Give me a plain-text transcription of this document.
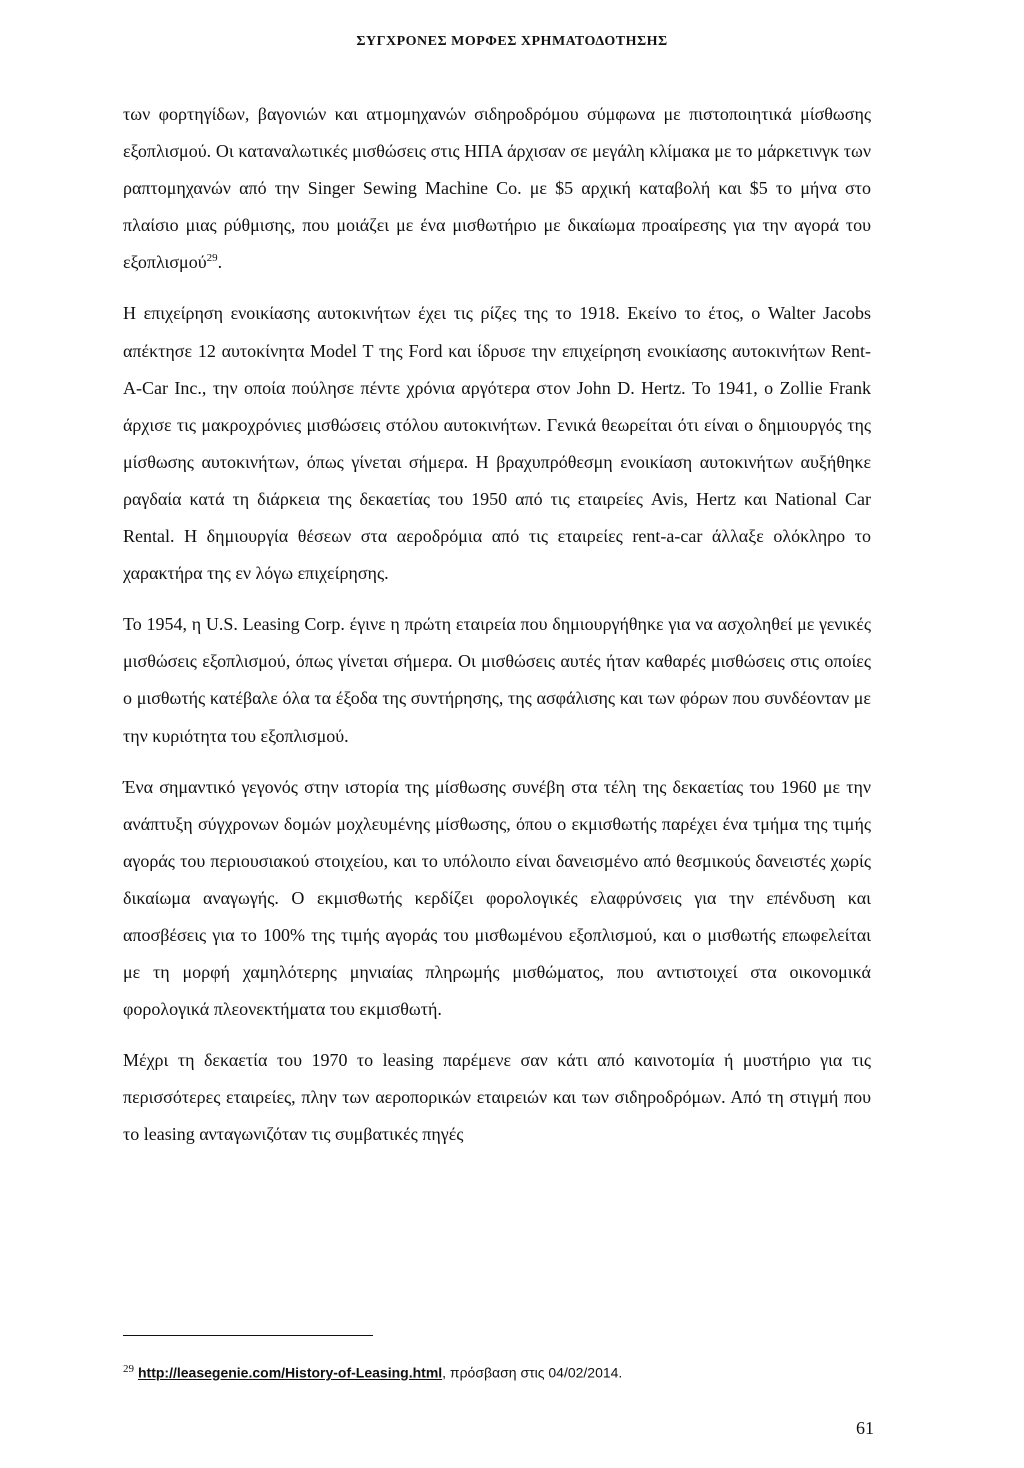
ΣΥΓΧΡΟΝΕΣ ΜΟΡΦΕΣ ΧΡΗΜΑΤΟΔΟΤΗΣΗΣ

των φορτηγίδων, βαγονιών και ατμομηχανών σιδηροδρόμου σύμφωνα με πιστοποιητικά μίσθωσης εξοπλισμού. Οι καταναλωτικές μισθώσεις στις ΗΠΑ άρχισαν σε μεγάλη κλίμακα με το μάρκετινγκ των ραπτομηχανών από την Singer Sewing Machine Co. με $5 αρχική καταβολή και $5 το μήνα στο πλαίσιο μιας ρύθμισης, που μοιάζει με ένα μισθωτήριο με δικαίωμα προαίρεσης για την αγορά του εξοπλισμού$^{29}$.

Η επιχείρηση ενοικίασης αυτοκινήτων έχει τις ρίζες της το 1918. Εκείνο το έτος, ο Walter Jacobs απέκτησε 12 αυτοκίνητα Model T της Ford και ίδρυσε την επιχείρηση ενοικίασης αυτοκινήτων Rent-A-Car Inc., την οποία πούλησε πέντε χρόνια αργότερα στον John D. Hertz. Το 1941, ο Zollie Frank άρχισε τις μακροχρόνιες μισθώσεις στόλου αυτοκινήτων. Γενικά θεωρείται ότι είναι ο δημιουργός της μίσθωσης αυτοκινήτων, όπως γίνεται σήμερα. Η βραχυπρόθεσμη ενοικίαση αυτοκινήτων αυξήθηκε ραγδαία κατά τη διάρκεια της δεκαετίας του 1950 από τις εταιρείες Avis, Hertz και National Car Rental. Η δημιουργία θέσεων στα αεροδρόμια από τις εταιρείες rent-a-car άλλαξε ολόκληρο το χαρακτήρα της εν λόγω επιχείρησης.

Το 1954, η U.S. Leasing Corp. έγινε η πρώτη εταιρεία που δημιουργήθηκε για να ασχοληθεί με γενικές μισθώσεις εξοπλισμού, όπως γίνεται σήμερα. Οι μισθώσεις αυτές ήταν καθαρές μισθώσεις στις οποίες ο μισθωτής κατέβαλε όλα τα έξοδα της συντήρησης, της ασφάλισης και των φόρων που συνδέονταν με την κυριότητα του εξοπλισμού.

Ένα σημαντικό γεγονός στην ιστορία της μίσθωσης συνέβη στα τέλη της δεκαετίας του 1960 με την ανάπτυξη σύγχρονων δομών μοχλευμένης μίσθωσης, όπου ο εκμισθωτής παρέχει ένα τμήμα της τιμής αγοράς του περιουσιακού στοιχείου, και το υπόλοιπο είναι δανεισμένο από θεσμικούς δανειστές χωρίς δικαίωμα αναγωγής. Ο εκμισθωτής κερδίζει φορολογικές ελαφρύνσεις για την επένδυση και αποσβέσεις για το 100% της τιμής αγοράς του μισθωμένου εξοπλισμού, και ο μισθωτής επωφελείται με τη μορφή χαμηλότερης μηνιαίας πληρωμής μισθώματος, που αντιστοιχεί στα οικονομικά φορολογικά πλεονεκτήματα του εκμισθωτή.

Μέχρι τη δεκαετία του 1970 το leasing παρέμενε σαν κάτι από καινοτομία ή μυστήριο για τις περισσότερες εταιρείες, πλην των αεροπορικών εταιρειών και των σιδηροδρόμων. Από τη στιγμή που το leasing ανταγωνιζόταν τις συμβατικές πηγές

$^{29}$ http://leasegenie.com/History-of-Leasing.html, πρόσβαση στις 04/02/2014.
61
